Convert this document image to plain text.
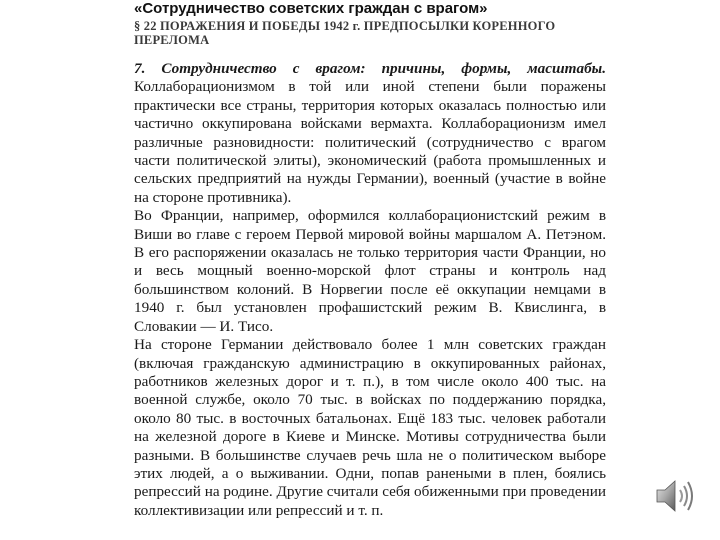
«Сотрудничество советских граждан с врагом»
§ 22 ПОРАЖЕНИЯ И ПОБЕДЫ 1942 г. ПРЕДПОСЫЛКИ КОРЕННОГО ПЕРЕЛОМА

7. Сотрудничество с врагом: причины, формы, масштабы. Коллаборационизмом в той или иной степени были поражены практически все страны, территория которых оказалась полностью или частично оккупирована войсками вермахта. Коллаборационизм имел различные разновидности: политический (сотрудничество с врагом части политической элиты), экономический (работа промышленных и сельских предприятий на нужды Германии), военный (участие в войне на стороне противника).

Во Франции, например, оформился коллаборационистский режим в Виши во главе с героем Первой мировой войны маршалом А. Петэном. В его распоряжении оказалась не только территория части Франции, но и весь мощный военно-морской флот страны и контроль над большинством колоний. В Норвегии после её оккупации немцами в 1940 г. был установлен профашистский режим В. Квислинга, в Словакии — И. Тисо.

На стороне Германии действовало более 1 млн советских граждан (включая гражданскую администрацию в оккупированных районах, работников железных дорог и т. п.), в том числе около 400 тыс. на военной службе, около 70 тыс. в войсках по поддержанию порядка, около 80 тыс. в восточных батальонах. Ещё 183 тыс. человек работали на железной дороге в Киеве и Минске. Мотивы сотрудничества были разными. В большинстве случаев речь шла не о политическом выборе этих людей, а о выживании. Одни, попав ранеными в плен, боялись репрессий на родине. Другие считали себя обиженными при проведении коллективизации или репрессий и т. п.
